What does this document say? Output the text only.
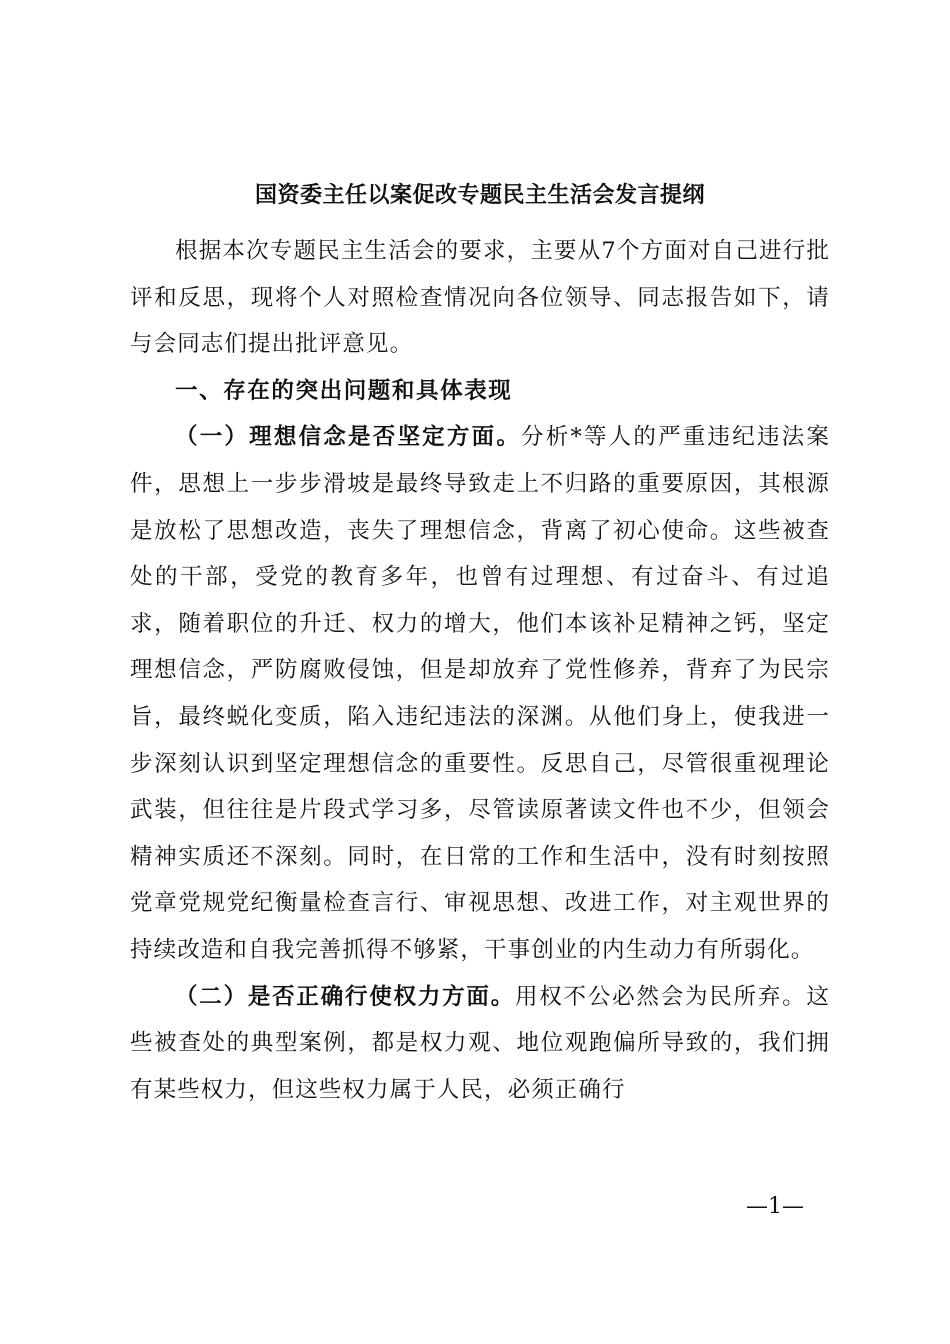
国资委主任以案促改专题民主生活会发言提纲

根据本次专题民主生活会的要求，主要从7个方面对自己进行批评和反思，现将个人对照检查情况向各位领导、同志报告如下，请与会同志们提出批评意见。

一、存在的突出问题和具体表现

（一）理想信念是否坚定方面。分析*等人的严重违纪违法案件，思想上一步步滑坡是最终导致走上不归路的重要原因，其根源是放松了思想改造，丧失了理想信念，背离了初心使命。这些被查处的干部，受党的教育多年，也曾有过理想、有过奋斗、有过追求，随着职位的升迁、权力的增大，他们本该补足精神之钙，坚定理想信念，严防腐败侵蚀，但是却放弃了党性修养，背弃了为民宗旨，最终蜕化变质，陷入违纪违法的深渊。从他们身上，使我进一步深刻认识到坚定理想信念的重要性。反思自己，尽管很重视理论武装，但往往是片段式学习多，尽管读原著读文件也不少，但领会精神实质还不深刻。同时，在日常的工作和生活中，没有时刻按照党章党规党纪衡量检查言行、审视思想、改进工作，对主观世界的持续改造和自我完善抓得不够紧，干事创业的内生动力有所弱化。

（二）是否正确行使权力方面。用权不公必然会为民所弃。这些被查处的典型案例，都是权力观、地位观跑偏所导致的，我们拥有某些权力，但这些权力属于人民，必须正确行

—1—
